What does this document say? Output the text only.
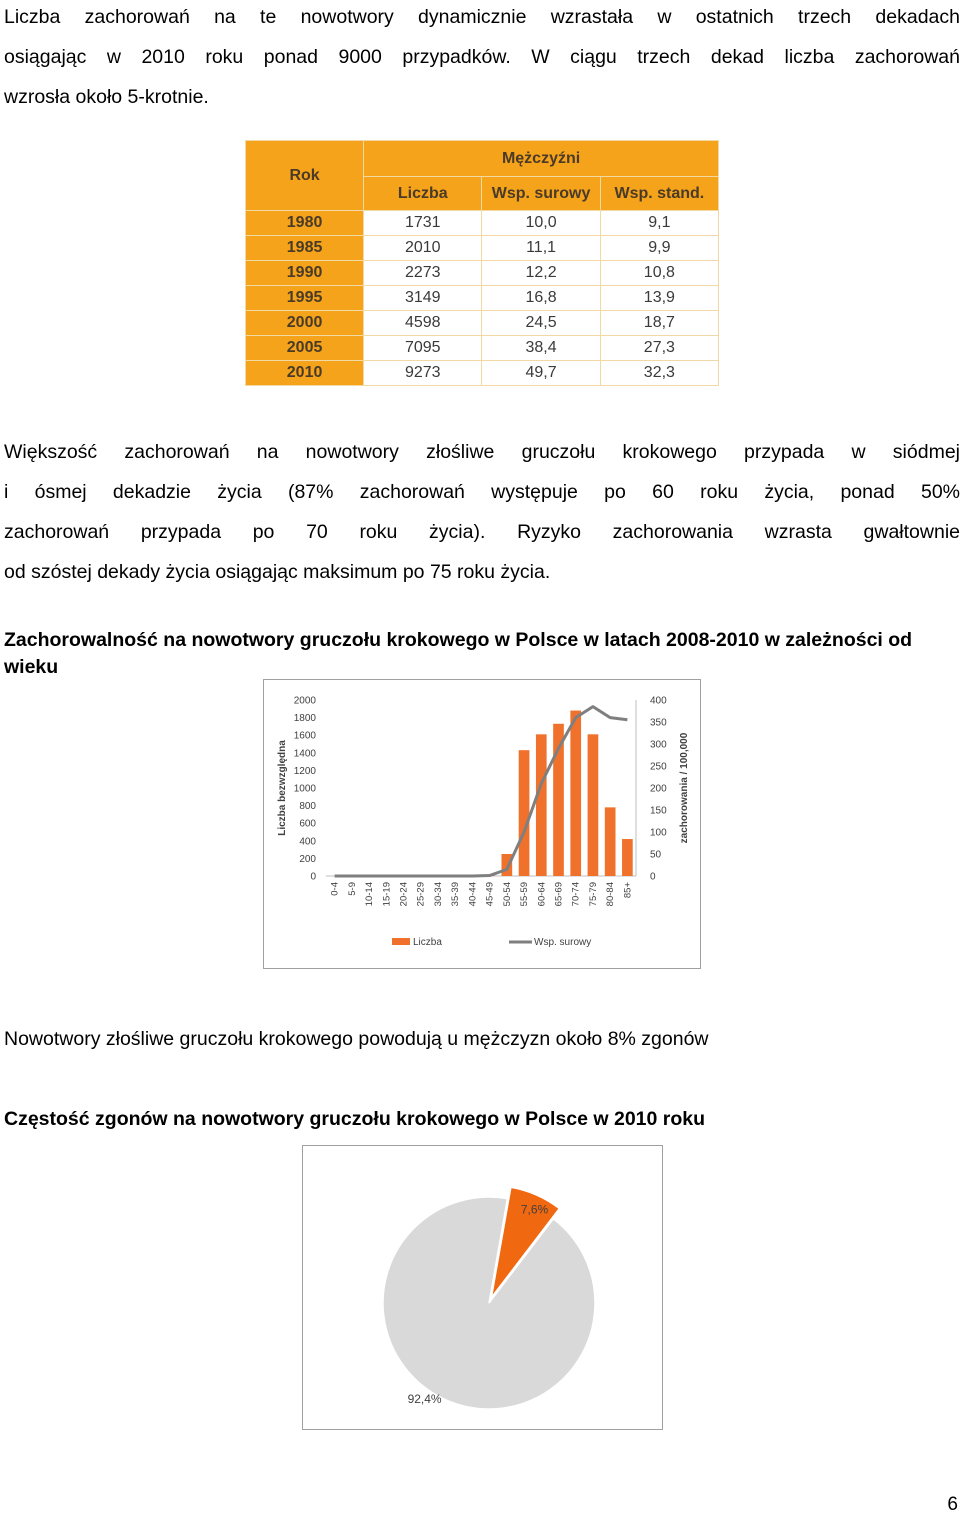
Liczba zachorowań na te nowotwory dynamicznie wzrastała w ostatnich trzech dekadach
osiągając w 2010 roku ponad 9000 przypadków. W ciągu trzech dekad liczba zachorowań
wzrosła około 5-krotnie.
Rok	Mężczyźni		
	Liczba	Wsp. surowy	Wsp. stand.
1980	1731	10,0	9,1
1985	2010	11,1	9,9
1990	2273	12,2	10,8
1995	3149	16,8	13,9
2000	4598	24,5	18,7
2005	7095	38,4	27,3
2010	9273	49,7	32,3
Większość zachorowań na nowotwory złośliwe gruczołu krokowego przypada w siódmej
i ósmej dekadzie życia (87% zachorowań występuje po 60 roku życia, ponad 50%
zachorowań przypada po 70 roku życia). Ryzyko zachorowania wzrasta gwałtownie
od szóstej dekady życia osiągając maksimum po 75 roku życia.
Zachorowalność na nowotwory gruczołu krokowego w Polsce w latach 2008-2010 w zależności od wieku
0
200
400
600
800
1000
1200
1400
1600
1800
2000
0
50
100
150
200
250
300
350
400
Liczba bezwzględna	zachorowania / 100,000
0-4 5-9 10-14 15-19 20-24 25-29 30-34 35-39 40-44 45-49 50-54 55-59 60-64 65-69 70-74 75-79 80-84 85+
Liczba	Wsp. surowy
Nowotwory złośliwe gruczołu krokowego powodują u mężczyzn około 8% zgonów
Częstość zgonów na nowotwory gruczołu krokowego w Polsce w 2010 roku
7,6%
92,4%
6
